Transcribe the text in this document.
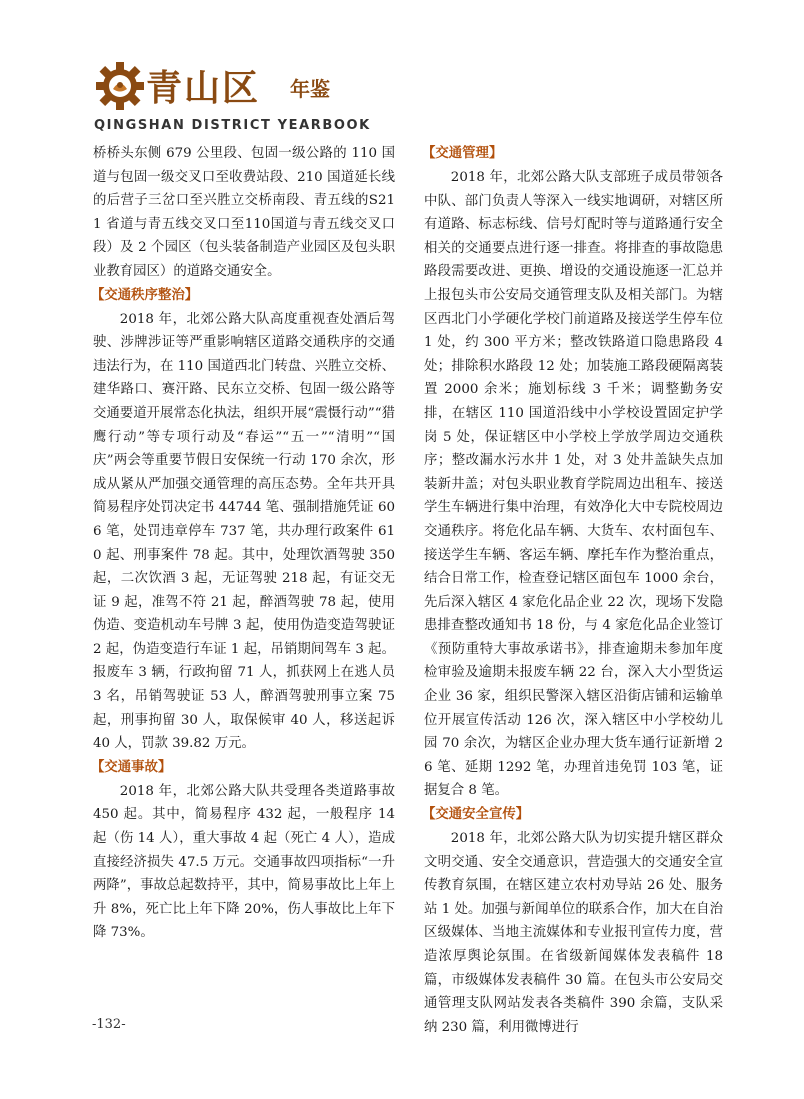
青山区 年鉴
QINGSHAN DISTRICT YEARBOOK

桥桥头东侧 679 公里段、包固一级公路的 110 国道与包固一级交叉口至收费站段、210 国道延长线的后营子三岔口至兴胜立交桥南段、青五线的S211 省道与青五线交叉口至110国道与青五线交叉口段）及 2 个园区（包头装备制造产业园区及包头职业教育园区）的道路交通安全。

【交通秩序整治】

2018 年，北郊公路大队高度重视查处酒后驾驶、涉牌涉证等严重影响辖区道路交通秩序的交通违法行为，在 110 国道西北门转盘、兴胜立交桥、建华路口、赛汗路、民东立交桥、包固一级公路等交通要道开展常态化执法，组织开展“震慑行动”“猎鹰行动”等专项行动及“春运”“五一”“清明”“国庆”两会等重要节假日安保统一行动 170 余次，形成从紧从严加强交通管理的高压态势。全年共开具简易程序处罚决定书 44744 笔、强制措施凭证 606 笔，处罚违章停车 737 笔，共办理行政案件 610 起、刑事案件 78 起。其中，处理饮酒驾驶 350 起，二次饮酒 3 起，无证驾驶 218 起，有证交无证 9 起，准驾不符 21 起，醉酒驾驶 78 起，使用伪造、变造机动车号牌 3 起，使用伪造变造驾驶证 2 起，伪造变造行车证 1 起，吊销期间驾车 3 起。报废车 3 辆，行政拘留 71 人，抓获网上在逃人员 3 名，吊销驾驶证 53 人，醉酒驾驶刑事立案 75 起，刑事拘留 30 人，取保候审 40 人，移送起诉 40 人，罚款 39.82 万元。

【交通事故】

2018 年，北郊公路大队共受理各类道路事故 450 起。其中，简易程序 432 起，一般程序 14 起（伤 14 人），重大事故 4 起（死亡 4 人），造成直接经济损失 47.5 万元。交通事故四项指标“一升两降”，事故总起数持平，其中，简易事故比上年上升 8%，死亡比上年下降 20%，伤人事故比上年下降 73%。

【交通管理】

2018 年，北郊公路大队支部班子成员带领各中队、部门负责人等深入一线实地调研，对辖区所有道路、标志标线、信号灯配时等与道路通行安全相关的交通要点进行逐一排查。将排查的事故隐患路段需要改进、更换、增设的交通设施逐一汇总并上报包头市公安局交通管理支队及相关部门。为辖区西北门小学硬化学校门前道路及接送学生停车位 1 处，约 300 平方米；整改铁路道口隐患路段 4 处；排除积水路段 12 处；加装施工路段硬隔离装置 2000 余米；施划标线 3 千米；调整勤务安排，在辖区 110 国道沿线中小学校设置固定护学岗 5 处，保证辖区中小学校上学放学周边交通秩序；整改漏水污水井 1 处，对 3 处井盖缺失点加装新井盖；对包头职业教育学院周边出租车、接送学生车辆进行集中治理，有效净化大中专院校周边交通秩序。将危化品车辆、大货车、农村面包车、接送学生车辆、客运车辆、摩托车作为整治重点，结合日常工作，检查登记辖区面包车 1000 余台，先后深入辖区 4 家危化品企业 22 次，现场下发隐患排查整改通知书 18 份，与 4 家危化品企业签订《预防重特大事故承诺书》，排查逾期未参加年度检审验及逾期未报废车辆 22 台，深入大小型货运企业 36 家，组织民警深入辖区沿街店铺和运输单位开展宣传活动 126 次，深入辖区中小学校幼儿园 70 余次，为辖区企业办理大货车通行证新增 26 笔、延期 1292 笔，办理首违免罚 103 笔，证据复合 8 笔。

【交通安全宣传】

2018 年，北郊公路大队为切实提升辖区群众文明交通、安全交通意识，营造强大的交通安全宣传教育氛围，在辖区建立农村劝导站 26 处、服务站 1 处。加强与新闻单位的联系合作，加大在自治区级媒体、当地主流媒体和专业报刊宣传力度，营造浓厚舆论氛围。在省级新闻媒体发表稿件 18 篇，市级媒体发表稿件 30 篇。在包头市公安局交通管理支队网站发表各类稿件 390 余篇，支队采纳 230 篇，利用微博进行

-132-
